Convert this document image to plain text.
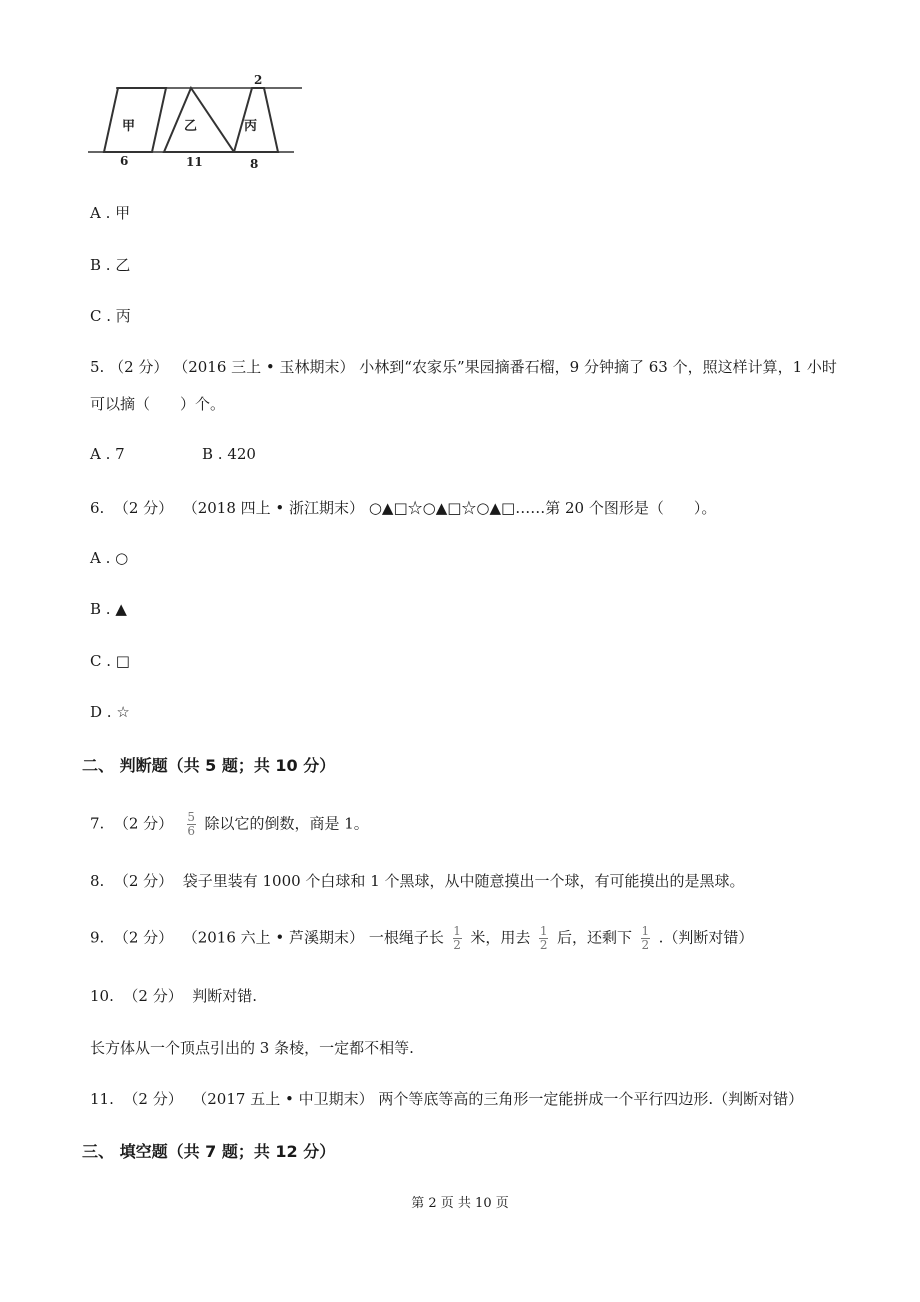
甲	乙	丙
2
6	11	8
A . 甲
B . 乙
C . 丙
5. （2 分） （2016 三上 • 玉林期末） 小林到“农家乐”果园摘番石榴，9 分钟摘了 63 个，照这样计算，1 小时
可以摘（　　）个。
A . 7	B . 420
6. （2 分） （2018 四上 • 浙江期末） ○▲□☆○▲□☆○▲□……第 20 个图形是（　　）。
A . ○
B . ▲
C . □
D . ☆
二、 判断题（共 5 题；共 10 分）
7. （2 分） $\frac{5}{6}$ 除以它的倒数，商是 1。
8. （2 分） 袋子里装有 1000 个白球和 1 个黑球，从中随意摸出一个球，有可能摸出的是黑球。
9. （2 分） （2016 六上 • 芦溪期末） 一根绳子长 $\frac{1}{2}$ 米，用去 $\frac{1}{2}$ 后，还剩下 $\frac{1}{2}$ .（判断对错）
10. （2 分） 判断对错.
长方体从一个顶点引出的 3 条棱，一定都不相等.
11. （2 分） （2017 五上 • 中卫期末） 两个等底等高的三角形一定能拼成一个平行四边形.（判断对错）
三、 填空题（共 7 题；共 12 分）
第 2 页 共 10 页
